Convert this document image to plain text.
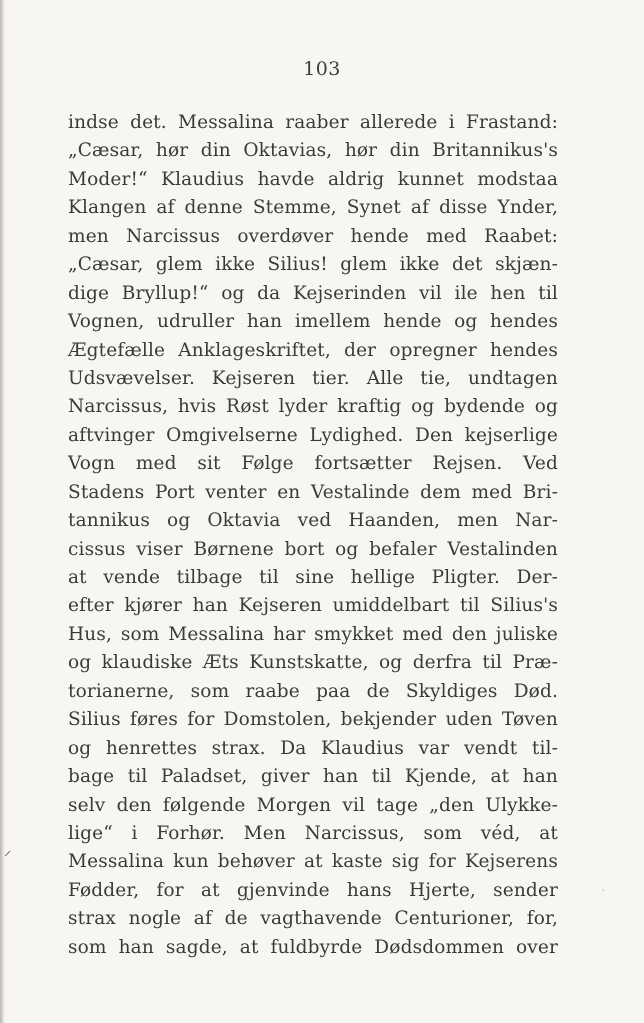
103
indse det. Messalina raaber allerede i Frastand:
„Cæsar, hør din Oktavias, hør din Britannikus's
Moder!“ Klaudius havde aldrig kunnet modstaa
Klangen af denne Stemme, Synet af disse Ynder,
men Narcissus overdøver hende med Raabet:
„Cæsar, glem ikke Silius! glem ikke det skjæn-
dige Bryllup!“ og da Kejserinden vil ile hen til
Vognen, udruller han imellem hende og hendes
Ægtefælle Anklageskriftet, der opregner hendes
Udsvævelser. Kejseren tier. Alle tie, undtagen
Narcissus, hvis Røst lyder kraftig og bydende og
aftvinger Omgivelserne Lydighed. Den kejserlige
Vogn med sit Følge fortsætter Rejsen. Ved
Stadens Port venter en Vestalinde dem med Bri-
tannikus og Oktavia ved Haanden, men Nar-
cissus viser Børnene bort og befaler Vestalinden
at vende tilbage til sine hellige Pligter. Der-
efter kjører han Kejseren umiddelbart til Silius's
Hus, som Messalina har smykket med den juliske
og klaudiske Æts Kunstskatte, og derfra til Præ-
torianerne, som raabe paa de Skyldiges Død.
Silius føres for Domstolen, bekjender uden Tøven
og henrettes strax. Da Klaudius var vendt til-
bage til Paladset, giver han til Kjende, at han
selv den følgende Morgen vil tage „den Ulykke-
lige“ i Forhør. Men Narcissus, som véd, at
Messalina kun behøver at kaste sig for Kejserens
Fødder, for at gjenvinde hans Hjerte, sender
strax nogle af de vagthavende Centurioner, for,
som han sagde, at fuldbyrde Dødsdommen over
⸝
ˊ
